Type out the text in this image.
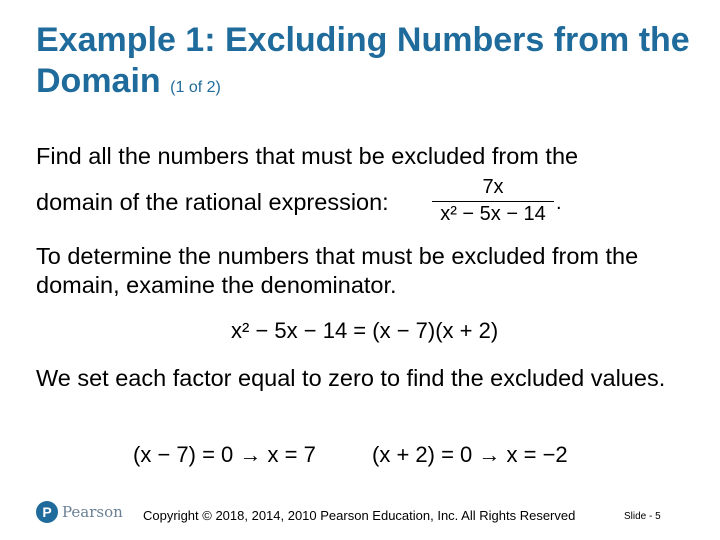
Example 1: Excluding Numbers from the Domain (1 of 2)
Find all the numbers that must be excluded from the
domain of the rational expression:
7x
x² − 5x − 14 .
To determine the numbers that must be excluded from the domain, examine the denominator.
x² − 5x − 14 = (x − 7)(x + 2)
We set each factor equal to zero to find the excluded values.
(x − 7) = 0 → x = 7	(x + 2) = 0 → x = −2
P Pearson Copyright © 2018, 2014, 2010 Pearson Education, Inc. All Rights Reserved	Slide - 5
